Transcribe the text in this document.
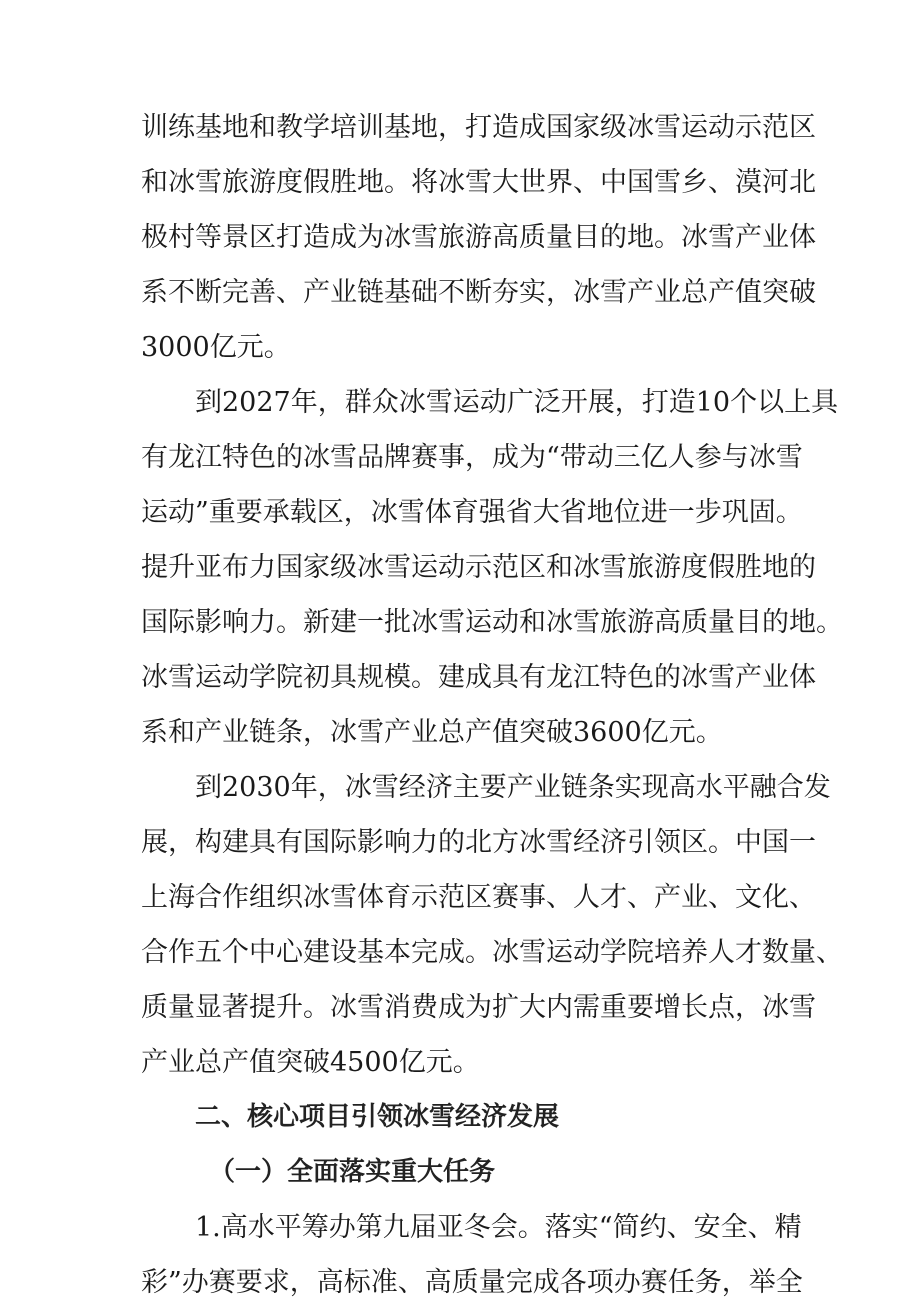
训练基地和教学培训基地，打造成国家级冰雪运动示范区
和冰雪旅游度假胜地。将冰雪大世界、中国雪乡、漠河北
极村等景区打造成为冰雪旅游高质量目的地。冰雪产业体
系不断完善、产业链基础不断夯实，冰雪产业总产值突破
3000亿元。

到2027年，群众冰雪运动广泛开展，打造10个以上具
有龙江特色的冰雪品牌赛事，成为“带动三亿人参与冰雪
运动”重要承载区，冰雪体育强省大省地位进一步巩固。
提升亚布力国家级冰雪运动示范区和冰雪旅游度假胜地的
国际影响力。新建一批冰雪运动和冰雪旅游高质量目的地。
冰雪运动学院初具规模。建成具有龙江特色的冰雪产业体
系和产业链条，冰雪产业总产值突破3600亿元。

到2030年，冰雪经济主要产业链条实现高水平融合发
展，构建具有国际影响力的北方冰雪经济引领区。中国一
上海合作组织冰雪体育示范区赛事、人才、产业、文化、
合作五个中心建设基本完成。冰雪运动学院培养人才数量、
质量显著提升。冰雪消费成为扩大内需重要增长点，冰雪
产业总产值突破4500亿元。

二、核心项目引领冰雪经济发展
（一）全面落实重大任务

1.高水平筹办第九届亚冬会。落实“简约、安全、精
彩”办赛要求，高标准、高质量完成各项办赛任务，举全
